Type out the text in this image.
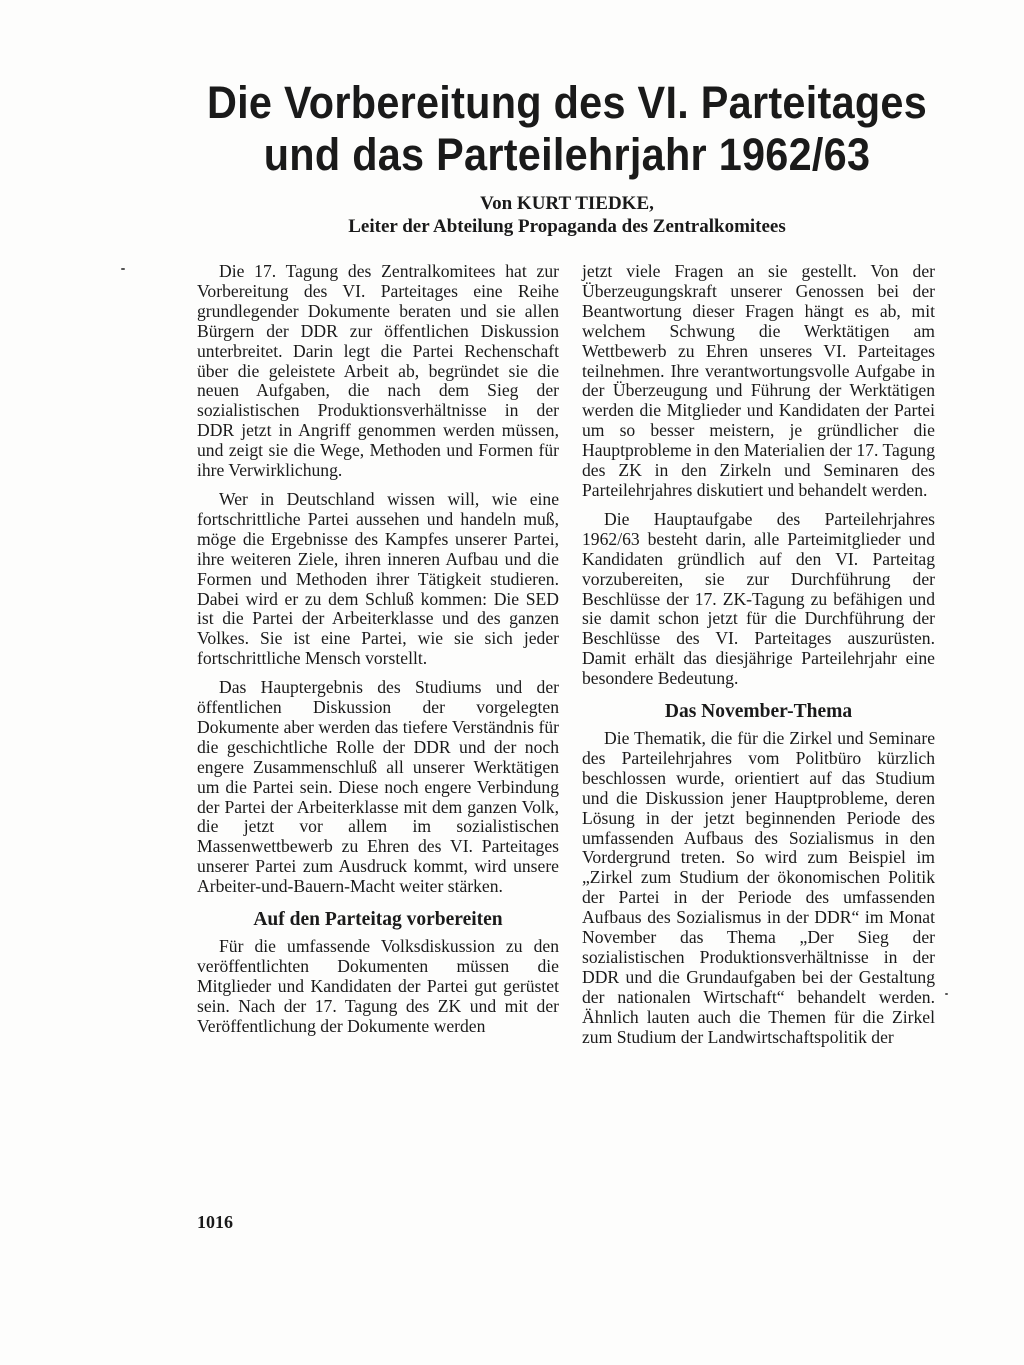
Die Vorbereitung des VI. Parteitages
und das Parteilehrjahr 1962/63

Von KURT TIEDKE,

Leiter der Abteilung Propaganda des Zentralkomitees

Die 17. Tagung des Zentralkomitees hat zur Vorbereitung des VI. Parteitages eine Reihe grundlegender Dokumente beraten und sie allen Bürgern der DDR zur öffentlichen Diskussion unterbreitet. Darin legt die Partei Rechenschaft über die geleistete Arbeit ab, begründet sie die neuen Aufgaben, die nach dem Sieg der sozialistischen Produktionsverhältnisse in der DDR jetzt in Angriff genommen werden müssen, und zeigt sie die Wege, Methoden und Formen für ihre Verwirklichung.

Wer in Deutschland wissen will, wie eine fortschrittliche Partei aussehen und handeln muß, möge die Ergebnisse des Kampfes unserer Partei, ihre weiteren Ziele, ihren inneren Aufbau und die Formen und Methoden ihrer Tätigkeit studieren. Dabei wird er zu dem Schluß kommen: Die SED ist die Partei der Arbeiterklasse und des ganzen Volkes. Sie ist eine Partei, wie sie sich jeder fortschrittliche Mensch vorstellt.

Das Hauptergebnis des Studiums und der öffentlichen Diskussion der vorgelegten Dokumente aber werden das tiefere Verständnis für die geschichtliche Rolle der DDR und der noch engere Zusammenschluß all unserer Werktätigen um die Partei sein. Diese noch engere Verbindung der Partei der Arbeiterklasse mit dem ganzen Volk, die jetzt vor allem im sozialistischen Massenwettbewerb zu Ehren des VI. Parteitages unserer Partei zum Ausdruck kommt, wird unsere Arbeiter-und-Bauern-Macht weiter stärken.

Auf den Parteitag vorbereiten

Für die umfassende Volksdiskussion zu den veröffentlichten Dokumenten müssen die Mitglieder und Kandidaten der Partei gut gerüstet sein. Nach der 17. Tagung des ZK und mit der Veröffentlichung der Dokumente werden

jetzt viele Fragen an sie gestellt. Von der Überzeugungskraft unserer Genossen bei der Beantwortung dieser Fragen hängt es ab, mit welchem Schwung die Werktätigen am Wettbewerb zu Ehren unseres VI. Parteitages teilnehmen. Ihre verantwortungsvolle Aufgabe in der Überzeugung und Führung der Werktätigen werden die Mitglieder und Kandidaten der Partei um so besser meistern, je gründlicher die Hauptprobleme in den Materialien der 17. Tagung des ZK in den Zirkeln und Seminaren des Parteilehrjahres diskutiert und behandelt werden.

Die Hauptaufgabe des Parteilehrjahres 1962/63 besteht darin, alle Parteimitglieder und Kandidaten gründlich auf den VI. Parteitag vorzubereiten, sie zur Durchführung der Beschlüsse der 17. ZK-Tagung zu befähigen und sie damit schon jetzt für die Durchführung der Beschlüsse des VI. Parteitages auszurüsten. Damit erhält das diesjährige Parteilehrjahr eine besondere Bedeutung.

Das November-Thema

Die Thematik, die für die Zirkel und Seminare des Parteilehrjahres vom Politbüro kürzlich beschlossen wurde, orientiert auf das Studium und die Diskussion jener Hauptprobleme, deren Lösung in der jetzt beginnenden Periode des umfassenden Aufbaus des Sozialismus in den Vordergrund treten. So wird zum Beispiel im „Zirkel zum Studium der ökonomischen Politik der Partei in der Periode des umfassenden Aufbaus des Sozialismus in der DDR“ im Monat November das Thema „Der Sieg der sozialistischen Produktionsverhältnisse in der DDR und die Grundaufgaben bei der Gestaltung der nationalen Wirtschaft“ behandelt werden. Ähnlich lauten auch die Themen für die Zirkel zum Studium der Landwirtschaftspolitik der

1016
